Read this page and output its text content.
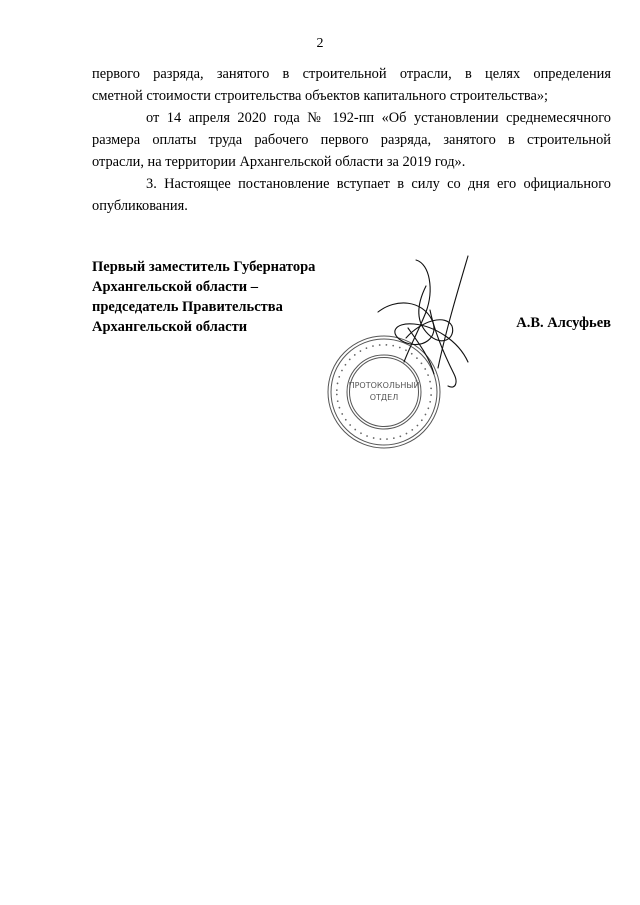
2

первого разряда, занятого в строительной отрасли, в целях определения
сметной стоимости строительства объектов капитального строительства»;

от 14 апреля 2020 года № 192-пп «Об установлении среднемесячного
размера оплаты труда рабочего первого разряда, занятого в строительной
отрасли, на территории Архангельской области за 2019 год».

3. Настоящее постановление вступает в силу со дня его официального
опубликования.

Первый заместитель Губернатора
Архангельской области –
председатель Правительства
Архангельской области
• • • • • • • • • • • • • • • • • • • • • • • • • • • • • • • • • • • • • • • • • • • •
ПРОТОКОЛЬНЫЙ
ОТДЕЛ
А.В. Алсуфьев
